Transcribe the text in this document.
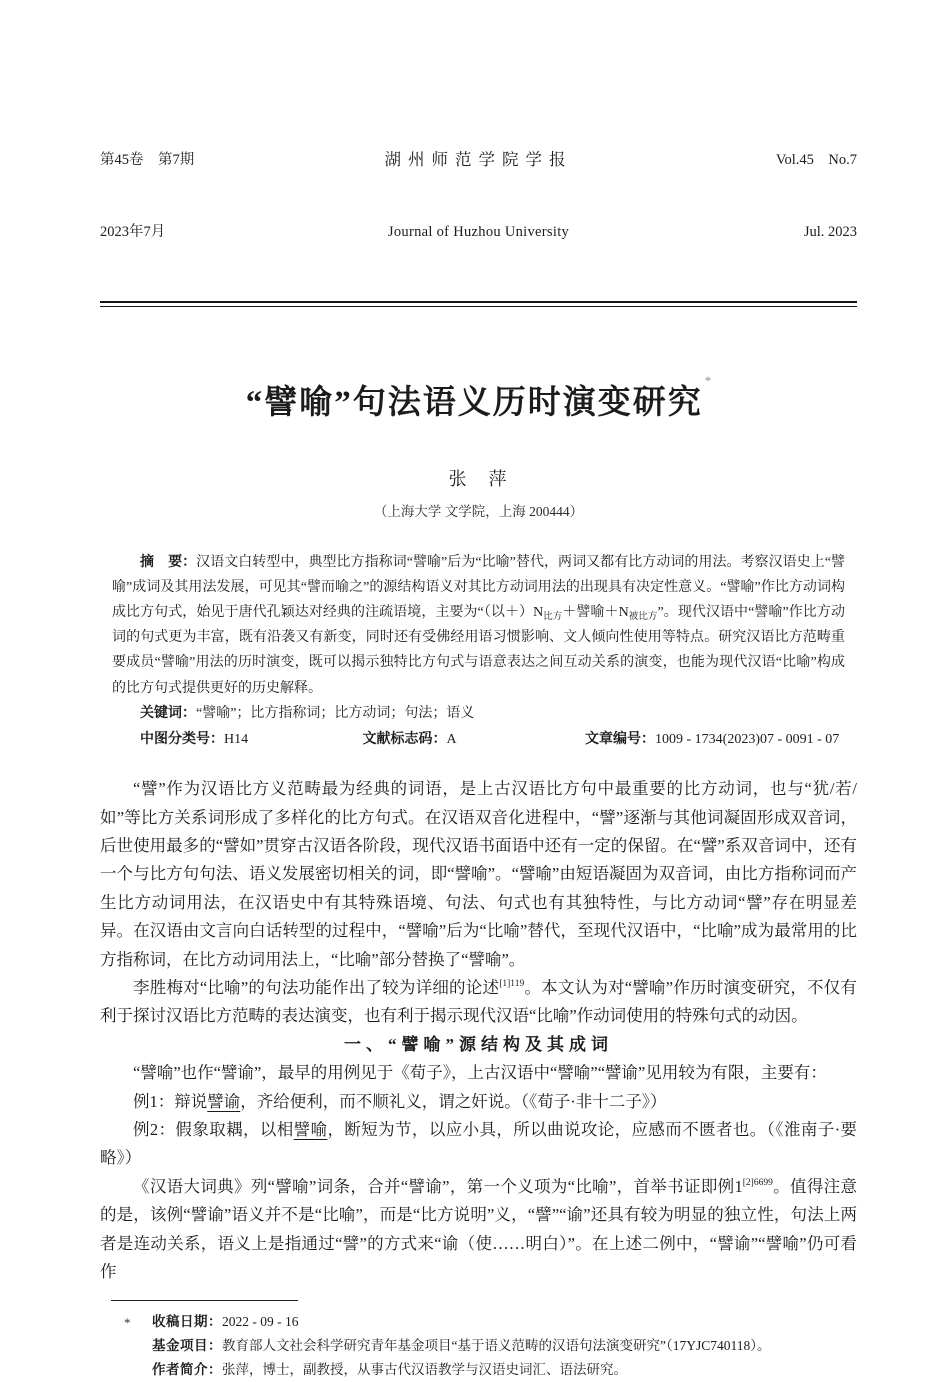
第45卷　第7期

2023年7月

湖州师范学院学报

Journal of Huzhou University

Vol.45　No.7

Jul. 2023

“譬喻”句法语义历时演变研究*
张　萍
（上海大学 文学院，上海 200444）

摘　要：汉语文白转型中，典型比方指称词“譬喻”后为“比喻”替代，两词又都有比方动词的用法。考察汉语史上“譬喻”成词及其用法发展，可见其“譬而喻之”的源结构语义对其比方动词用法的出现具有决定性意义。“譬喻”作比方动词构成比方句式，始见于唐代孔颖达对经典的注疏语境，主要为“（以$+)N_{比方}+$譬喻$+N_{被比方}$”。现代汉语中“譬喻”作比方动词的句式更为丰富，既有沿袭又有新变，同时还有受佛经用语习惯影响、文人倾向性使用等特点。研究汉语比方范畴重要成员“譬喻”用法的历时演变，既可以揭示独特比方句式与语意表达之间互动关系的演变，也能为现代汉语“比喻”构成的比方句式提供更好的历史解释。

关键词：“譬喻”；比方指称词；比方动词；句法；语义

中图分类号：H14	文献标志码：A	文章编号：1009 - 1734(2023)07 - 0091 - 07

“譬”作为汉语比方义范畴最为经典的词语，是上古汉语比方句中最重要的比方动词，也与“犹/若/如”等比方关系词形成了多样化的比方句式。在汉语双音化进程中，“譬”逐渐与其他词凝固形成双音词，后世使用最多的“譬如”贯穿古汉语各阶段，现代汉语书面语中还有一定的保留。在“譬”系双音词中，还有一个与比方句句法、语义发展密切相关的词，即“譬喻”。“譬喻”由短语凝固为双音词，由比方指称词而产生比方动词用法，在汉语史中有其特殊语境、句法、句式也有其独特性，与比方动词“譬”存在明显差异。在汉语由文言向白话转型的过程中，“譬喻”后为“比喻”替代，至现代汉语中，“比喻”成为最常用的比方指称词，在比方动词用法上，“比喻”部分替换了“譬喻”。

李胜梅对“比喻”的句法功能作出了较为详细的论述$^{[1]119}$。本文认为对“譬喻”作历时演变研究，不仅有利于探讨汉语比方范畴的表达演变，也有利于揭示现代汉语“比喻”作动词使用的特殊句式的动因。

一、“譬喻”源结构及其成词

“譬喻”也作“譬谕”，最早的用例见于《荀子》，上古汉语中“譬喻”“譬谕”见用较为有限，主要有：

例1：辩说譬谕，齐给便利，而不顺礼义，谓之奸说。（《荀子·非十二子》）

例2：假象取耦，以相譬喻，断短为节，以应小具，所以曲说攻论，应感而不匮者也。（《淮南子·要略》）

《汉语大词典》列“譬喻”词条，合并“譬谕”，第一个义项为“比喻”，首举书证即例$1^{[2]6699}$。值得注意的是，该例“譬谕”语义并不是“比喻”，而是“比方说明”义，“譬”“谕”还具有较为明显的独立性，句法上两者是连动关系，语义上是指通过“譬”的方式来“谕（使……明白）”。在上述二例中，“譬谕”“譬喻”仍可看作

* 收稿日期：2022 - 09 - 16
基金项目：教育部人文社会科学研究青年基金项目“基于语义范畴的汉语句法演变研究”（17YJC740118）。
作者简介：张萍，博士，副教授，从事古代汉语教学与汉语史词汇、语法研究。
